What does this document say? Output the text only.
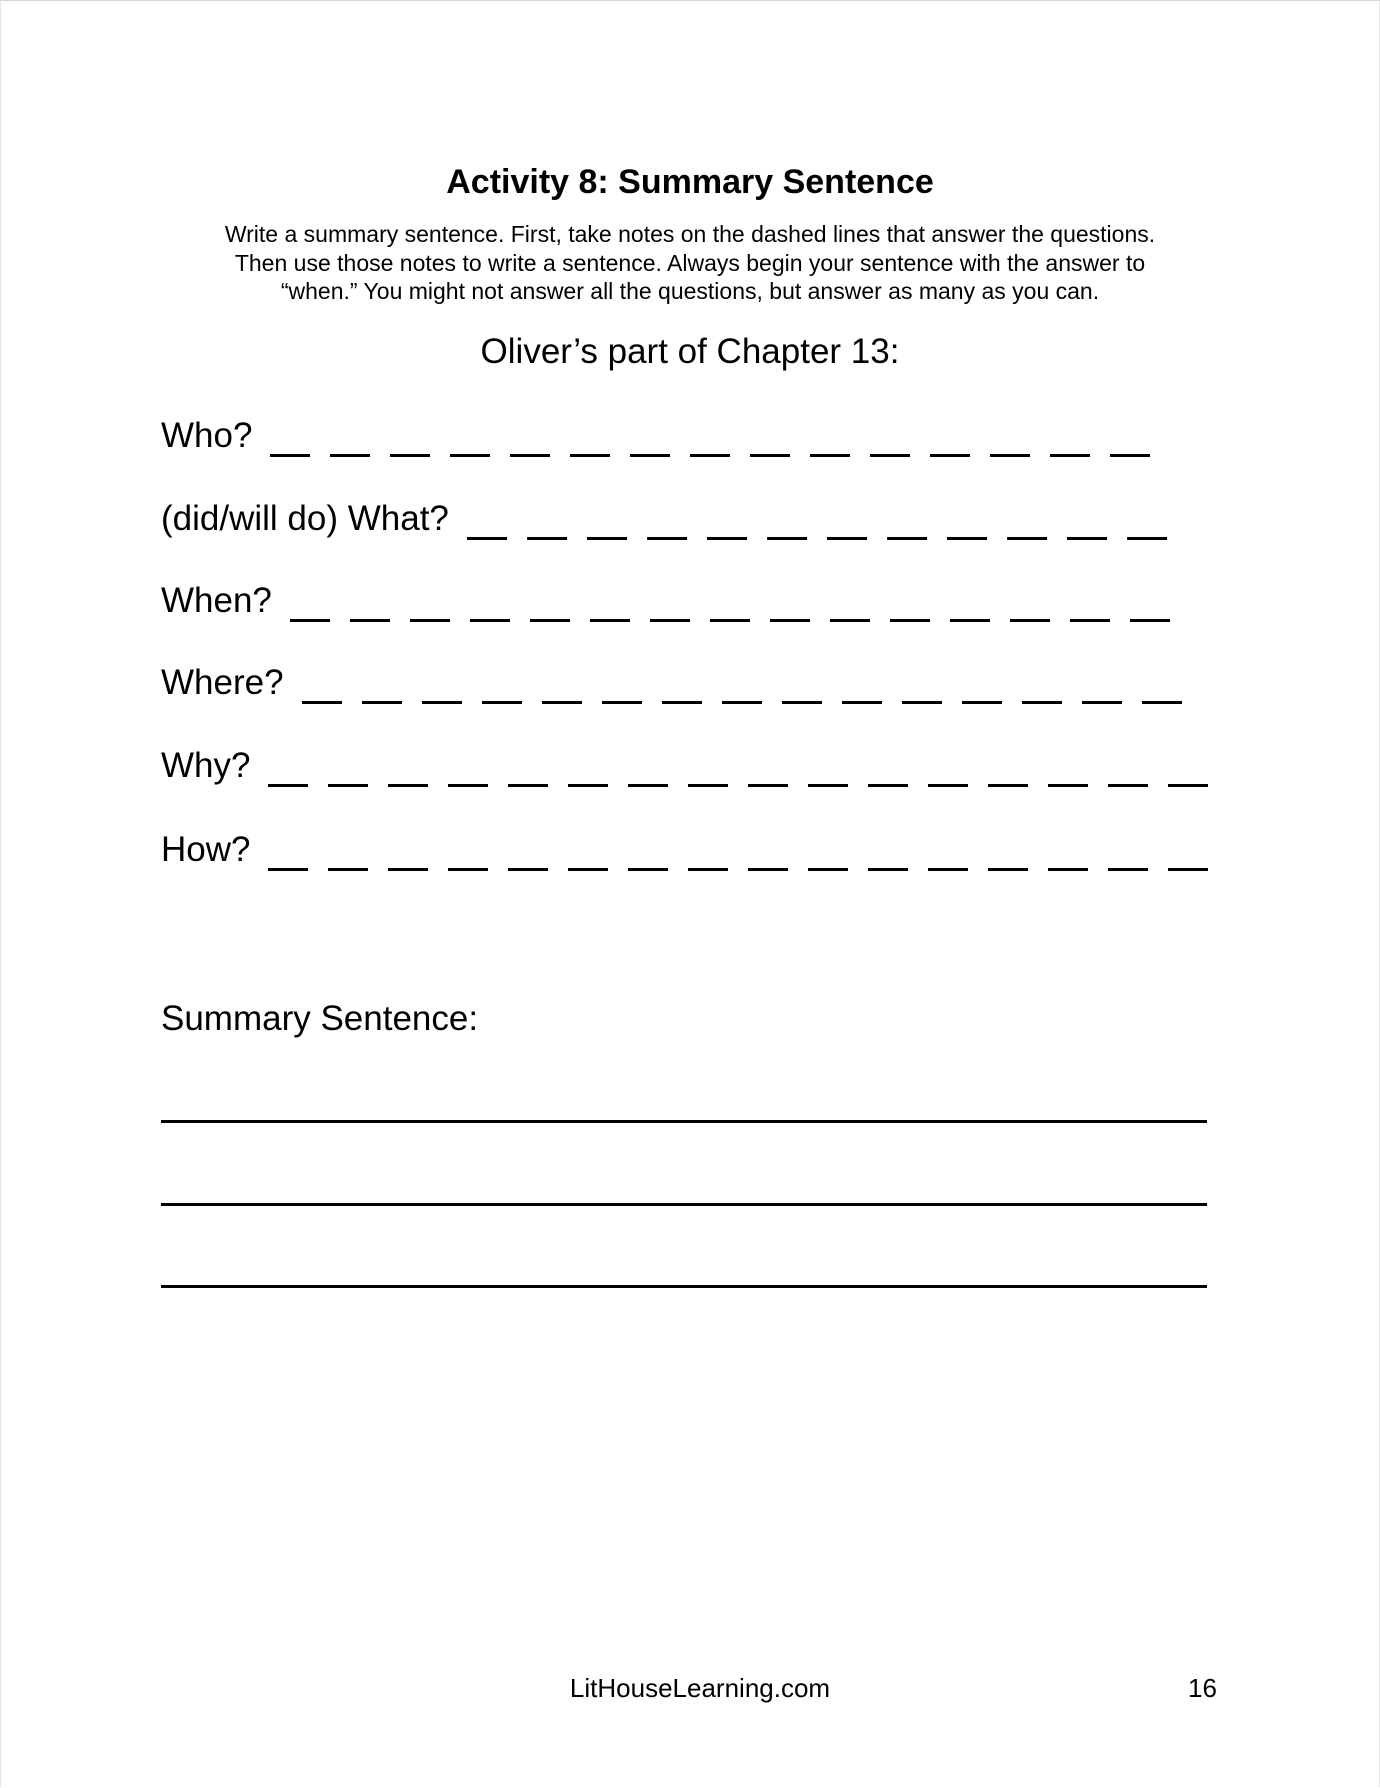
Activity 8: Summary Sentence
Write a summary sentence. First, take notes on the dashed lines that answer the questions.
Then use those notes to write a sentence. Always begin your sentence with the answer to
“when.” You might not answer all the questions, but answer as many as you can.
Oliver’s part of Chapter 13:
Who?
(did/will do) What?
When?
Where?
Why?
How?
Summary Sentence:
LitHouseLearning.com	16
